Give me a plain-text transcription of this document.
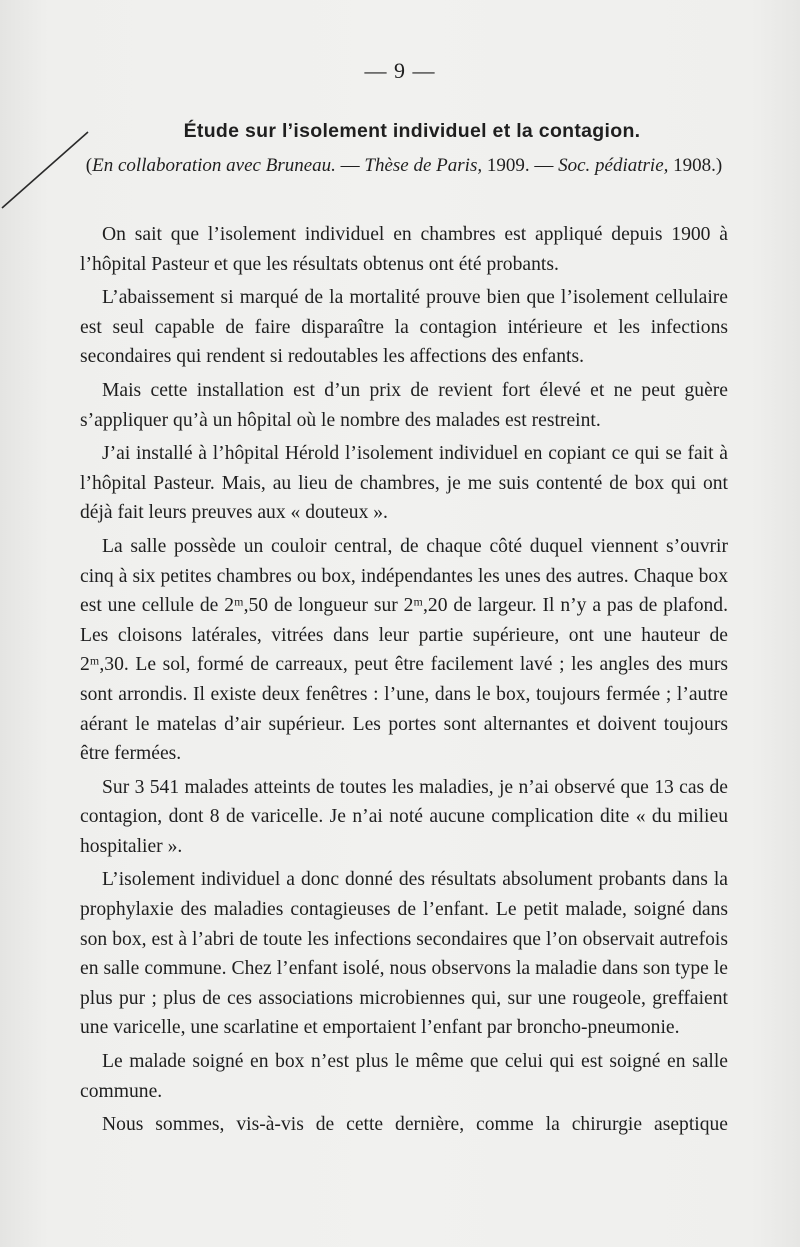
— 9 —
Étude sur l’isolement individuel et la contagion.
(En collaboration avec Bruneau. — Thèse de Paris, 1909. — Soc. pédiatrie, 1908.)

On sait que l’isolement individuel en chambres est appliqué depuis 1900 à l’hôpital Pasteur et que les résultats obtenus ont été probants.

L’abaissement si marqué de la mortalité prouve bien que l’isolement cellulaire est seul capable de faire disparaître la contagion intérieure et les infections secondaires qui rendent si redoutables les affections des enfants.

Mais cette installation est d’un prix de revient fort élevé et ne peut guère s’appliquer qu’à un hôpital où le nombre des malades est restreint.

J’ai installé à l’hôpital Hérold l’isolement individuel en copiant ce qui se fait à l’hôpital Pasteur. Mais, au lieu de chambres, je me suis contenté de box qui ont déjà fait leurs preuves aux « douteux ».

La salle possède un couloir central, de chaque côté duquel viennent s’ouvrir cinq à six petites chambres ou box, indépendantes les unes des autres. Chaque box est une cellule de 2ᵐ,50 de longueur sur 2ᵐ,20 de largeur. Il n’y a pas de plafond. Les cloisons latérales, vitrées dans leur partie supérieure, ont une hauteur de 2ᵐ,30. Le sol, formé de carreaux, peut être facilement lavé ; les angles des murs sont arrondis. Il existe deux fenêtres : l’une, dans le box, toujours fermée ; l’autre aérant le matelas d’air supérieur. Les portes sont alternantes et doivent toujours être fermées.

Sur 3 541 malades atteints de toutes les maladies, je n’ai observé que 13 cas de contagion, dont 8 de varicelle. Je n’ai noté aucune complication dite « du milieu hospitalier ».

L’isolement individuel a donc donné des résultats absolument probants dans la prophylaxie des maladies contagieuses de l’enfant. Le petit malade, soigné dans son box, est à l’abri de toute les infections secondaires que l’on observait autrefois en salle commune. Chez l’enfant isolé, nous observons la maladie dans son type le plus pur ; plus de ces associations microbiennes qui, sur une rougeole, greffaient une varicelle, une scarlatine et emportaient l’enfant par broncho-pneumonie.

Le malade soigné en box n’est plus le même que celui qui est soigné en salle commune.

Nous sommes, vis-à-vis de cette dernière, comme la chirurgie aseptique
